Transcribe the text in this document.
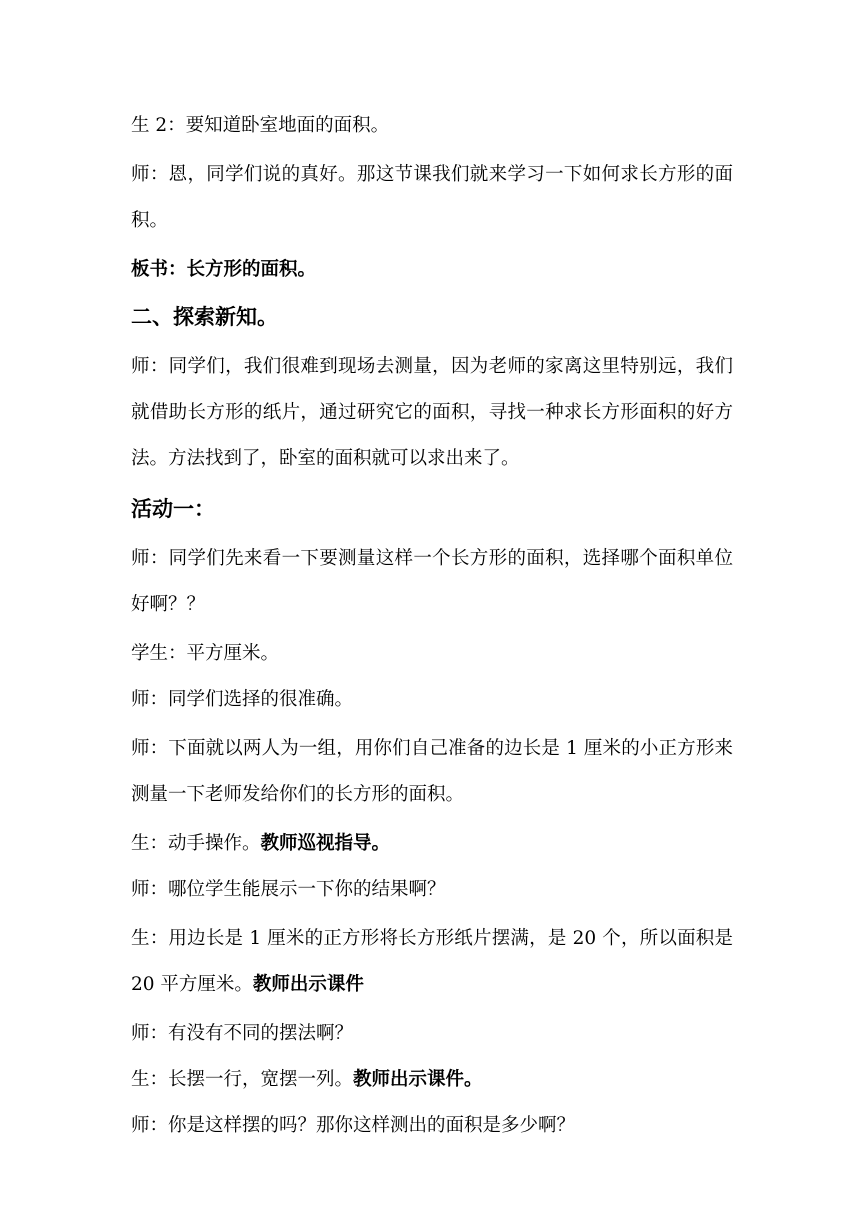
生 2：要知道卧室地面的面积。

师：恩，同学们说的真好。那这节课我们就来学习一下如何求长方形的面积。

板书：长方形的面积。

二、探索新知。

师：同学们，我们很难到现场去测量，因为老师的家离这里特别远，我们就借助长方形的纸片，通过研究它的面积，寻找一种求长方形面积的好方法。方法找到了，卧室的面积就可以求出来了。

活动一：

师：同学们先来看一下要测量这样一个长方形的面积，选择哪个面积单位好啊？？

学生：平方厘米。

师：同学们选择的很准确。

师：下面就以两人为一组，用你们自己准备的边长是 1 厘米的小正方形来测量一下老师发给你们的长方形的面积。

生：动手操作。教师巡视指导。

师：哪位学生能展示一下你的结果啊？

生：用边长是 1 厘米的正方形将长方形纸片摆满，是 20 个，所以面积是 20 平方厘米。教师出示课件

师：有没有不同的摆法啊？

生：长摆一行，宽摆一列。教师出示课件。

师：你是这样摆的吗？那你这样测出的面积是多少啊？
